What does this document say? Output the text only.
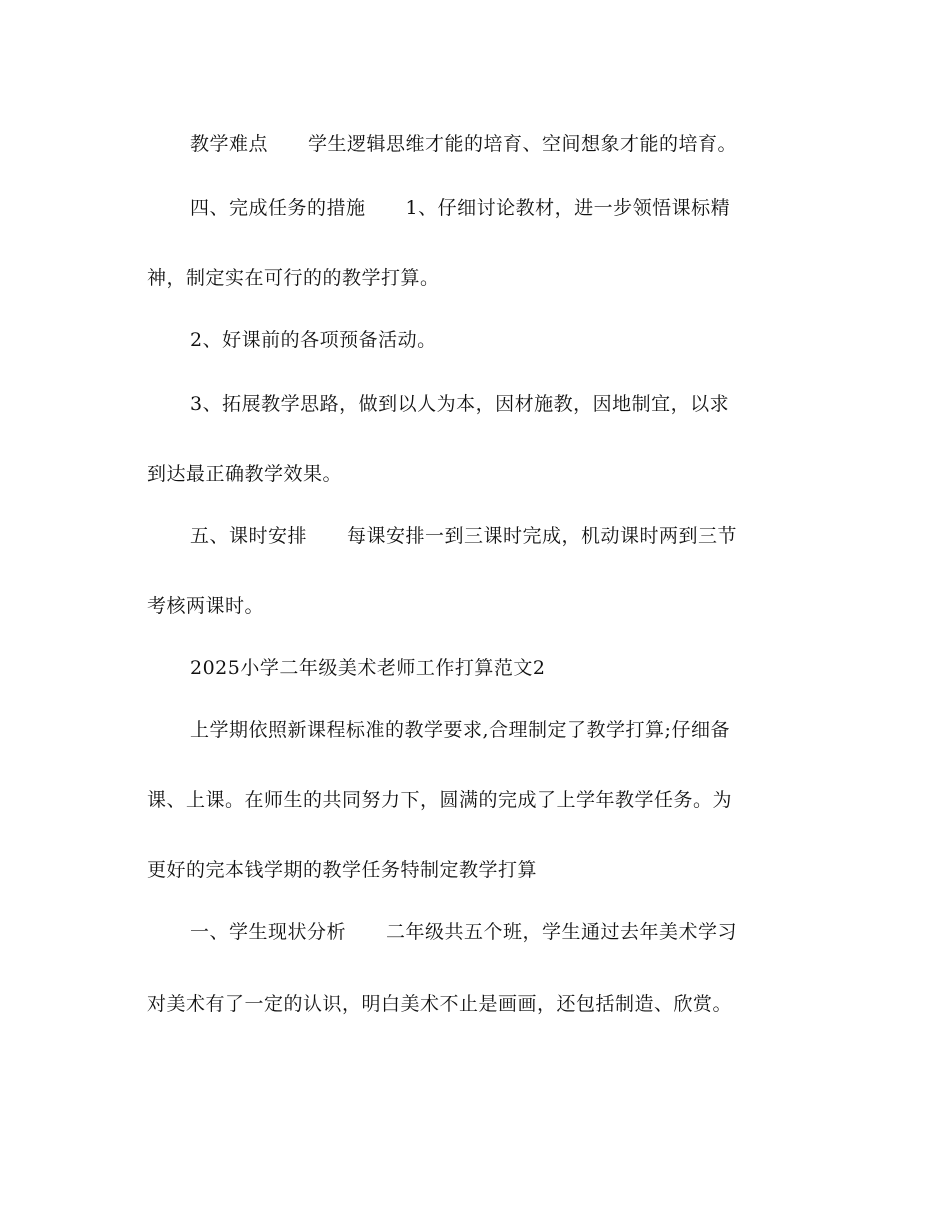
教学难点 学生逻辑思维才能的培育、空间想象才能的培育。
四、完成任务的措施 1、仔细讨论教材，进一步领悟课标精
神，制定实在可行的的教学打算。
2、好课前的各项预备活动。
3、拓展教学思路，做到以人为本，因材施教，因地制宜，以求
到达最正确教学效果。
五、课时安排 每课安排一到三课时完成，机动课时两到三节
考核两课时。
2025小学二年级美术老师工作打算范文2
上学期依照新课程标准的教学要求,合理制定了教学打算;仔细备
课、上课。在师生的共同努力下，圆满的完成了上学年教学任务。为
更好的完本钱学期的教学任务特制定教学打算
一、学生现状分析 二年级共五个班，学生通过去年美术学习
对美术有了一定的认识，明白美术不止是画画，还包括制造、欣赏。
